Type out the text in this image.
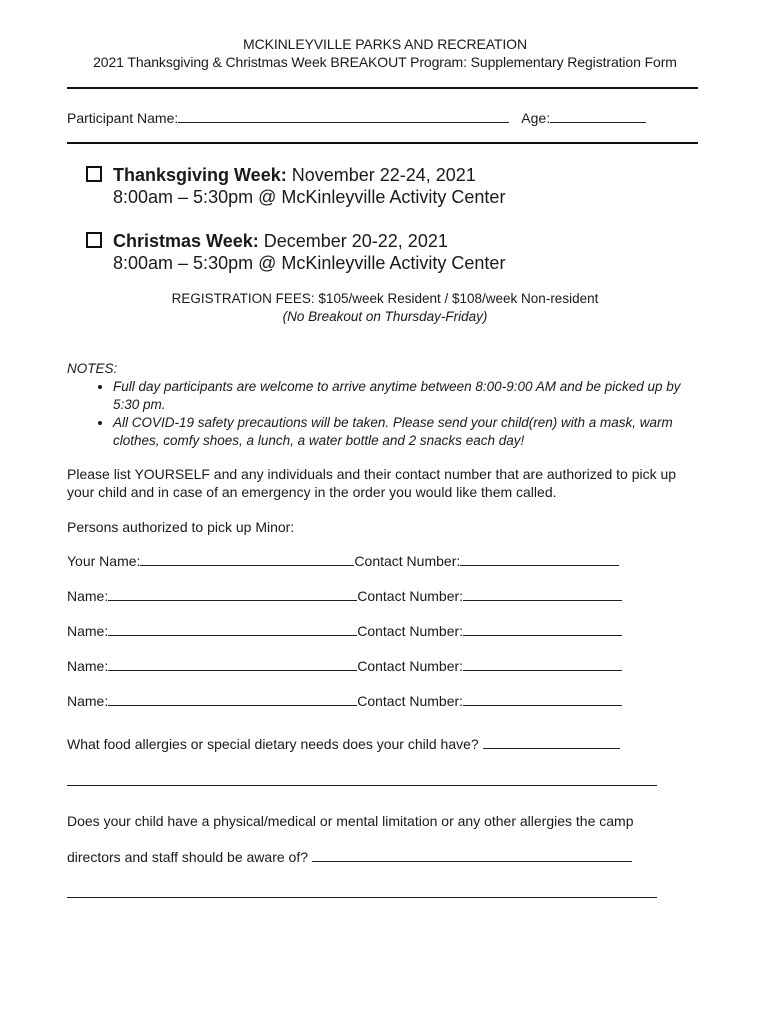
MCKINLEYVILLE PARKS AND RECREATION
2021 Thanksgiving & Christmas Week BREAKOUT Program: Supplementary Registration Form
Participant Name:	Age:
Thanksgiving Week: November 22-24, 2021
8:00am – 5:30pm @ McKinleyville Activity Center
Christmas Week: December 20-22, 2021
8:00am – 5:30pm @ McKinleyville Activity Center
REGISTRATION FEES: $105/week Resident / $108/week Non-resident
(No Breakout on Thursday-Friday)
NOTES:
• Full day participants are welcome to arrive anytime between 8:00-9:00 AM and be picked up by 5:30 pm.
• All COVID-19 safety precautions will be taken. Please send your child(ren) with a mask, warm clothes, comfy shoes, a lunch, a water bottle and 2 snacks each day!
Please list YOURSELF and any individuals and their contact number that are authorized to pick up your child and in case of an emergency in the order you would like them called.
Persons authorized to pick up Minor:
Your Name:	Contact Number:
Name:	Contact Number:
Name:	Contact Number:
Name:	Contact Number:
Name:	Contact Number:
What food allergies or special dietary needs does your child have?
Does your child have a physical/medical or mental limitation or any other allergies the camp
directors and staff should be aware of?
